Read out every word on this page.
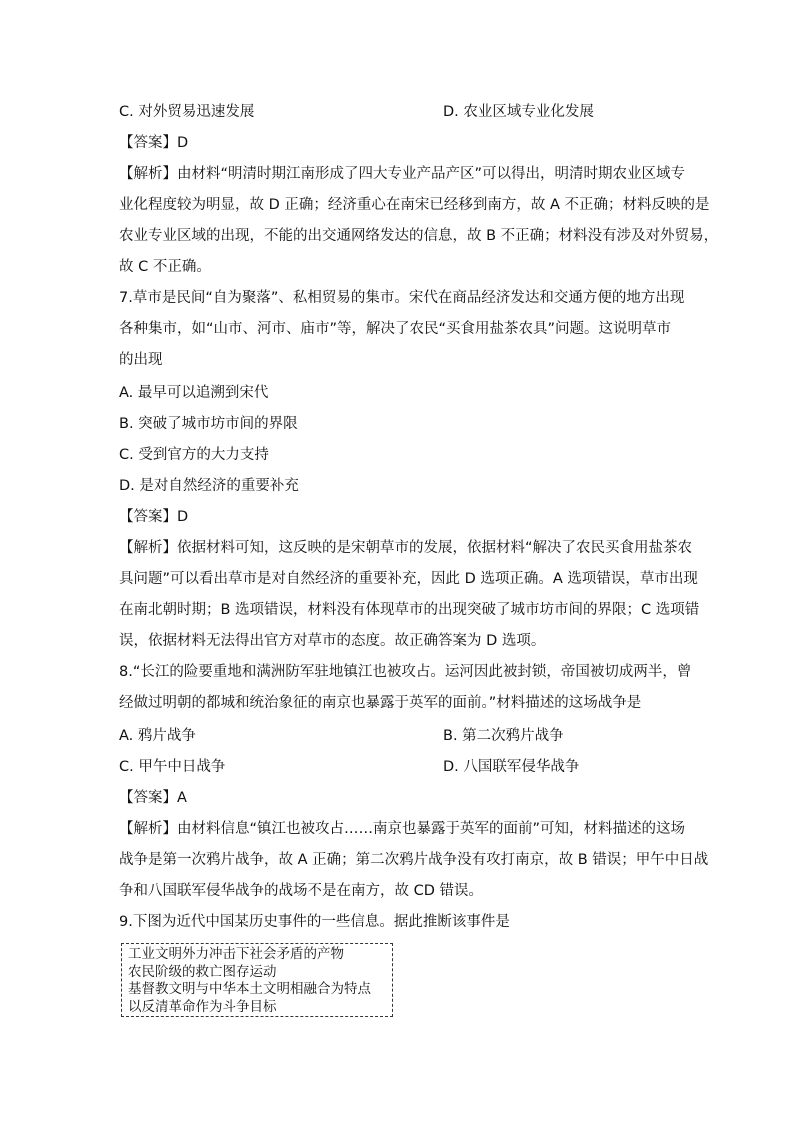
C. 对外贸易迅速发展	D. 农业区域专业化发展
【答案】D
【解析】由材料“明清时期江南形成了四大专业产品产区”可以得出，明清时期农业区域专
业化程度较为明显，故 D 正确；经济重心在南宋已经移到南方，故 A 不正确；材料反映的是
农业专业区域的出现，不能的出交通网络发达的信息，故 B 不正确；材料没有涉及对外贸易，
故 C 不正确。
7.草市是民间“自为聚落”、私相贸易的集市。宋代在商品经济发达和交通方便的地方出现
各种集市，如“山市、河市、庙市”等，解决了农民“买食用盐茶农具”问题。这说明草市
的出现
A. 最早可以追溯到宋代
B. 突破了城市坊市间的界限
C. 受到官方的大力支持
D. 是对自然经济的重要补充
【答案】D
【解析】依据材料可知，这反映的是宋朝草市的发展，依据材料“解决了农民买食用盐茶农
具问题”可以看出草市是对自然经济的重要补充，因此 D 选项正确。A 选项错误，草市出现
在南北朝时期；B 选项错误，材料没有体现草市的出现突破了城市坊市间的界限；C 选项错
误，依据材料无法得出官方对草市的态度。故正确答案为 D 选项。
8.“长江的险要重地和满洲防军驻地镇江也被攻占。运河因此被封锁，帝国被切成两半，曾
经做过明朝的都城和统治象征的南京也暴露于英军的面前。”材料描述的这场战争是
A. 鸦片战争	B. 第二次鸦片战争
C. 甲午中日战争	D. 八国联军侵华战争
【答案】A
【解析】由材料信息“镇江也被攻占……南京也暴露于英军的面前”可知，材料描述的这场
战争是第一次鸦片战争，故 A 正确；第二次鸦片战争没有攻打南京，故 B 错误；甲午中日战
争和八国联军侵华战争的战场不是在南方，故 CD 错误。
9.下图为近代中国某历史事件的一些信息。据此推断该事件是
工业文明外力冲击下社会矛盾的产物
农民阶级的救亡图存运动
基督教文明与中华本土文明相融合为特点
以反清革命作为斗争目标
